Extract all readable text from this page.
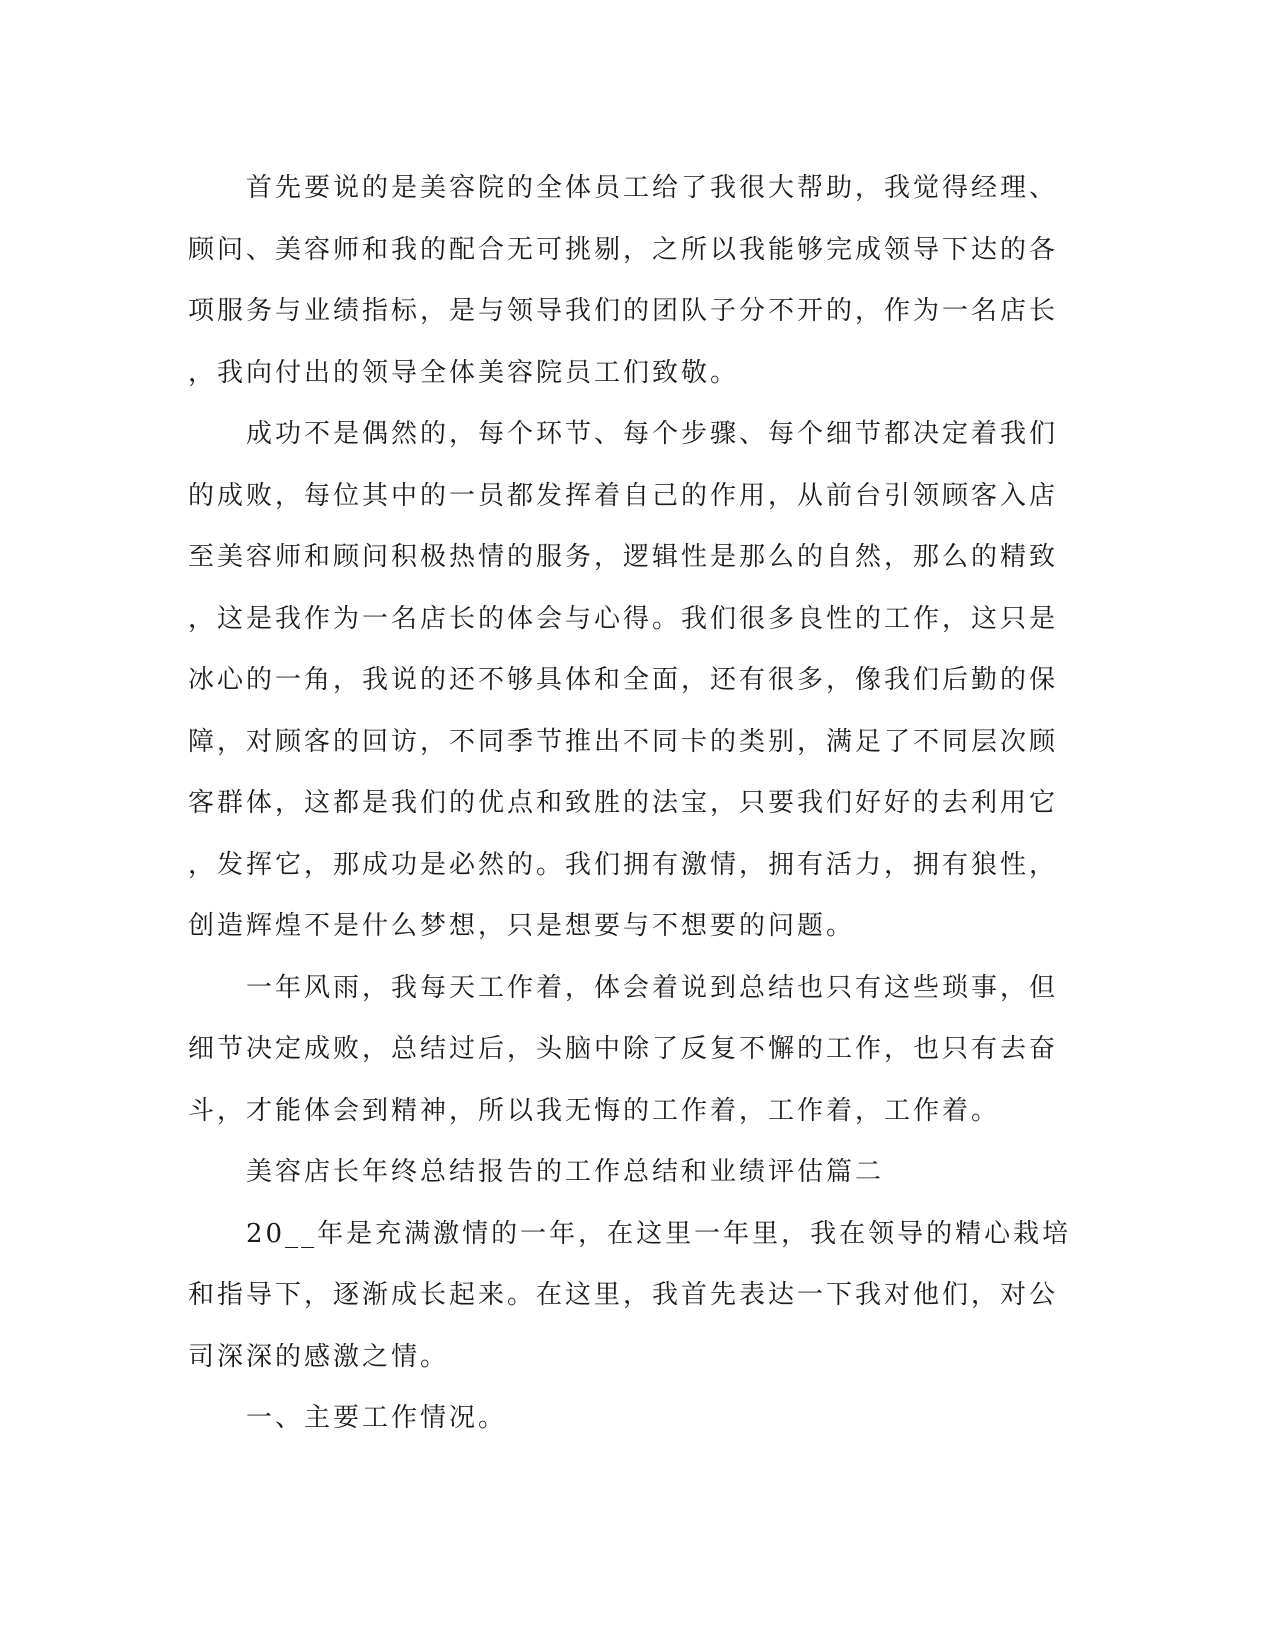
　　首先要说的是美容院的全体员工给了我很大帮助，我觉得经理、
顾问、美容师和我的配合无可挑剔，之所以我能够完成领导下达的各
项服务与业绩指标，是与领导我们的团队子分不开的，作为一名店长
，我向付出的领导全体美容院员工们致敬。

　　成功不是偶然的，每个环节、每个步骤、每个细节都决定着我们
的成败，每位其中的一员都发挥着自己的作用，从前台引领顾客入店
至美容师和顾问积极热情的服务，逻辑性是那么的自然，那么的精致
，这是我作为一名店长的体会与心得。我们很多良性的工作，这只是
冰心的一角，我说的还不够具体和全面，还有很多，像我们后勤的保
障，对顾客的回访，不同季节推出不同卡的类别，满足了不同层次顾
客群体，这都是我们的优点和致胜的法宝，只要我们好好的去利用它
，发挥它，那成功是必然的。我们拥有激情，拥有活力，拥有狼性，
创造辉煌不是什么梦想，只是想要与不想要的问题。

　　一年风雨，我每天工作着，体会着说到总结也只有这些琐事，但
细节决定成败，总结过后，头脑中除了反复不懈的工作，也只有去奋
斗，才能体会到精神，所以我无悔的工作着，工作着，工作着。

　　美容店长年终总结报告的工作总结和业绩评估篇二

　　20__年是充满激情的一年，在这里一年里，我在领导的精心栽培
和指导下，逐渐成长起来。在这里，我首先表达一下我对他们，对公
司深深的感激之情。

　　一、主要工作情况。
